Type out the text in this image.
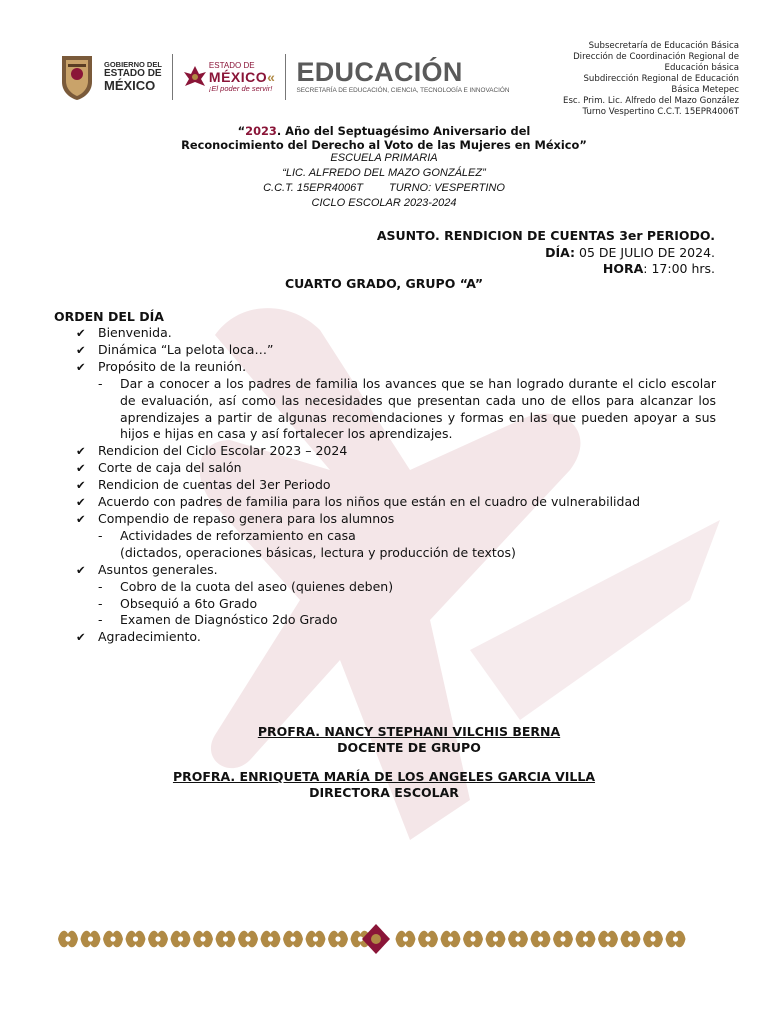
GOBIERNO DEL
ESTADO DE
MÉXICO
ESTADO DE
MÉXICO«
¡El poder de servir!
EDUCACIÓN
SECRETARÍA DE EDUCACIÓN, CIENCIA, TECNOLOGÍA E INNOVACIÓN
Subsecretaría de Educación Básica
Dirección de Coordinación Regional de
Educación básica
Subdirección Regional de Educación
Básica Metepec
Esc. Prim. Lic. Alfredo del Mazo González
Turno Vespertino C.C.T. 15EPR4006T
“2023. Año del Septuagésimo Aniversario del
Reconocimiento del Derecho al Voto de las Mujeres en México”
ESCUELA PRIMARIA
“LIC. ALFREDO DEL MAZO GONZÁLEZ”
C.C.T. 15EPR4006T TURNO: VESPERTINO
CICLO ESCOLAR 2023-2024
ASUNTO. RENDICION DE CUENTAS 3er PERIODO.
DÍA: 05 DE JULIO DE 2024.
HORA: 17:00 hrs.
CUARTO GRADO, GRUPO “A”
ORDEN DEL DÍA
✔ Bienvenida.
✔ Dinámica “La pelota loca…”
✔ Propósito de la reunión.
- Dar a conocer a los padres de familia los avances que se han logrado durante el ciclo escolar de evaluación, así como las necesidades que presentan cada uno de ellos para alcanzar los aprendizajes a partir de algunas recomendaciones y formas en las que pueden apoyar a sus hijos e hijas en casa y así fortalecer los aprendizajes.
✔ Rendicion del Ciclo Escolar 2023 – 2024
✔ Corte de caja del salón
✔ Rendicion de cuentas del 3er Periodo
✔ Acuerdo con padres de familia para los niños que están en el cuadro de vulnerabilidad
✔ Compendio de repaso genera para los alumnos
- Actividades de reforzamiento en casa
(dictados, operaciones básicas, lectura y producción de textos)
✔ Asuntos generales.
- Cobro de la cuota del aseo (quienes deben)
- Obsequió a 6to Grado
- Examen de Diagnóstico 2do Grado
✔ Agradecimiento.
PROFRA. NANCY STEPHANI VILCHIS BERNA
DOCENTE DE GRUPO
PROFRA. ENRIQUETA MARÍA DE LOS ANGELES GARCIA VILLA
DIRECTORA ESCOLAR
